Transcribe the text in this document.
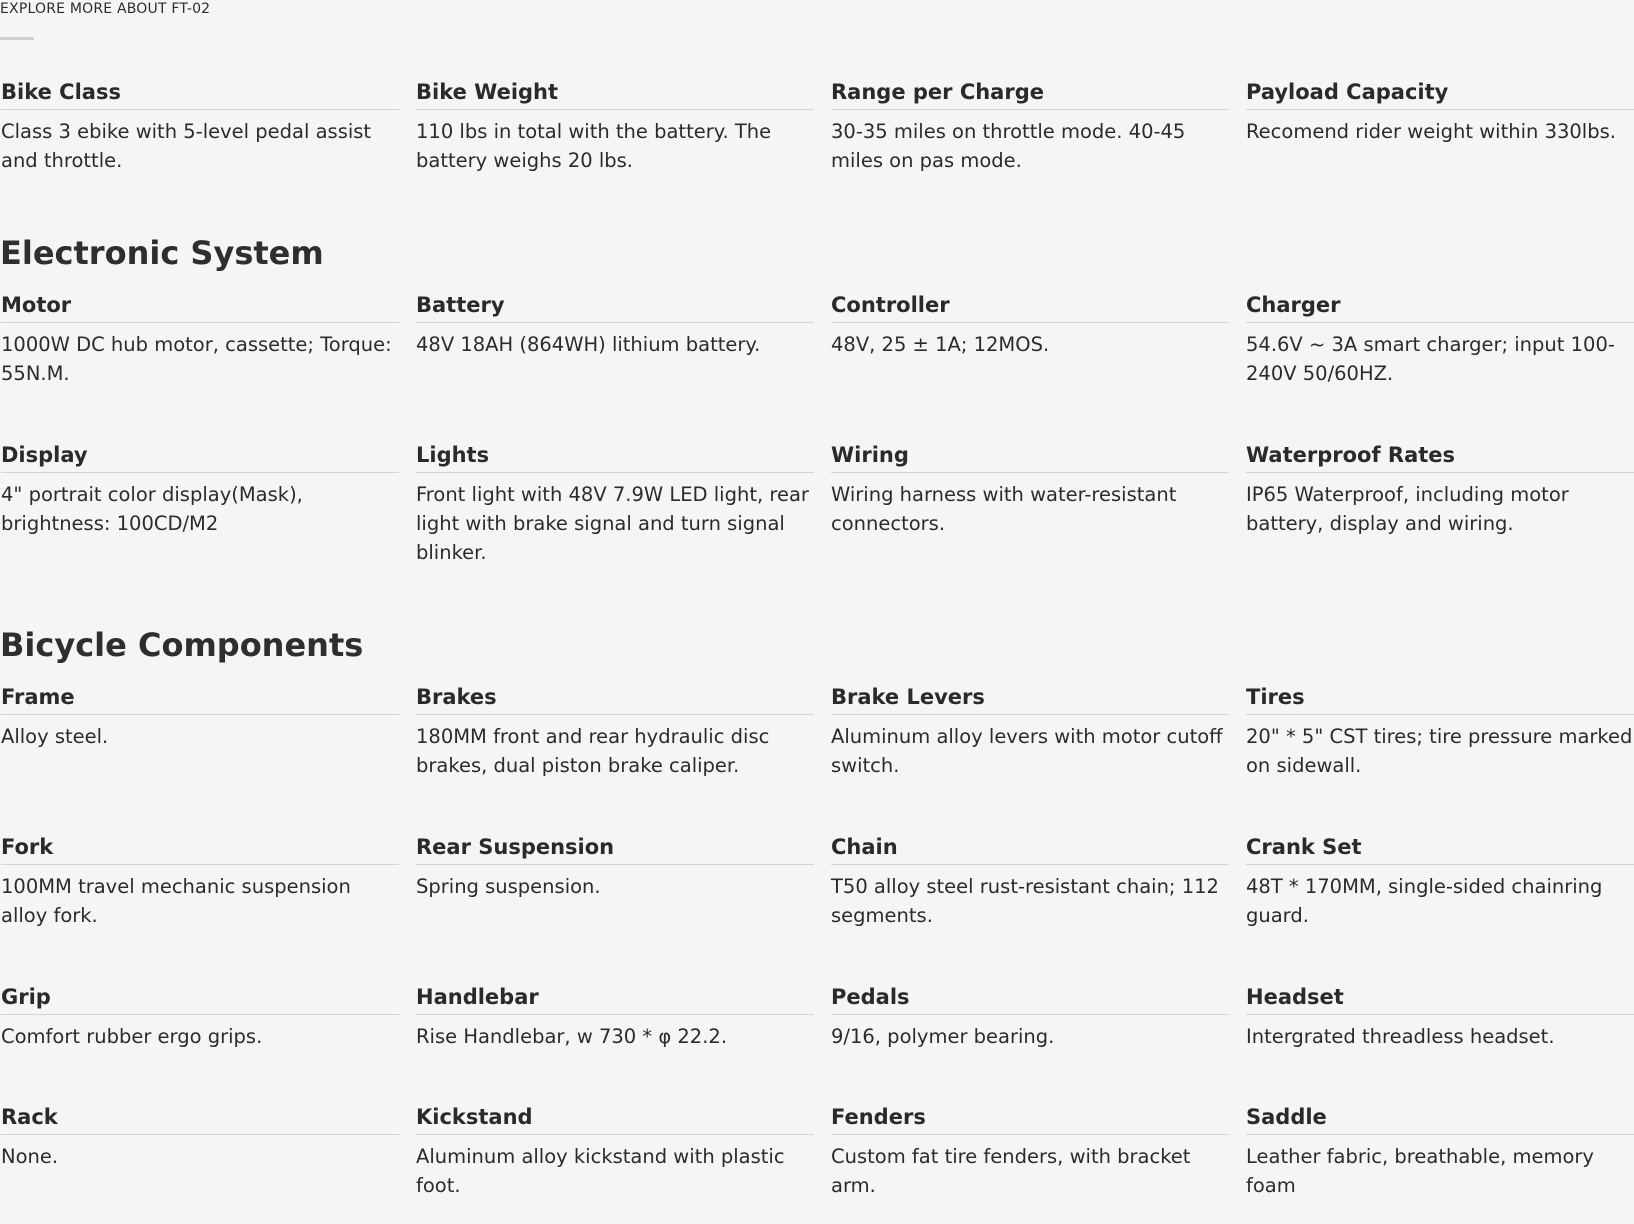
EXPLORE MORE ABOUT FT-02

Bike Class

Class 3 ebike with 5-level pedal assist and throttle.

Bike Weight

110 lbs in total with the battery. The battery weighs 20 lbs.

Range per Charge

30-35 miles on throttle mode. 40-45 miles on pas mode.

Payload Capacity

Recomend rider weight within 330lbs.

Electronic System

Motor

1000W DC hub motor, cassette; Torque: 55N.M.

Battery

48V 18AH (864WH) lithium battery.

Controller

48V, 25 ± 1A; 12MOS.

Charger

54.6V ~ 3A smart charger; input 100-240V 50/60HZ.

Display

4" portrait color display(Mask), brightness: 100CD/M2

Lights

Front light with 48V 7.9W LED light, rear light with brake signal and turn signal blinker.

Wiring

Wiring harness with water-resistant connectors.

Waterproof Rates

IP65 Waterproof, including motor battery, display and wiring.

Bicycle Components

Frame

Alloy steel.

Brakes

180MM front and rear hydraulic disc brakes, dual piston brake caliper.

Brake Levers

Aluminum alloy levers with motor cutoff switch.

Tires

20" * 5" CST tires; tire pressure marked on sidewall.

Fork

100MM travel mechanic suspension alloy fork.

Rear Suspension

Spring suspension.

Chain

T50 alloy steel rust-resistant chain; 112 segments.

Crank Set

48T * 170MM, single-sided chainring guard.

Grip

Comfort rubber ergo grips.

Handlebar

Rise Handlebar, w 730 * φ 22.2.

Pedals

9/16, polymer bearing.

Headset

Intergrated threadless headset.

Rack

None.

Kickstand

Aluminum alloy kickstand with plastic foot.

Fenders

Custom fat tire fenders, with bracket arm.

Saddle

Leather fabric, breathable, memory foam
